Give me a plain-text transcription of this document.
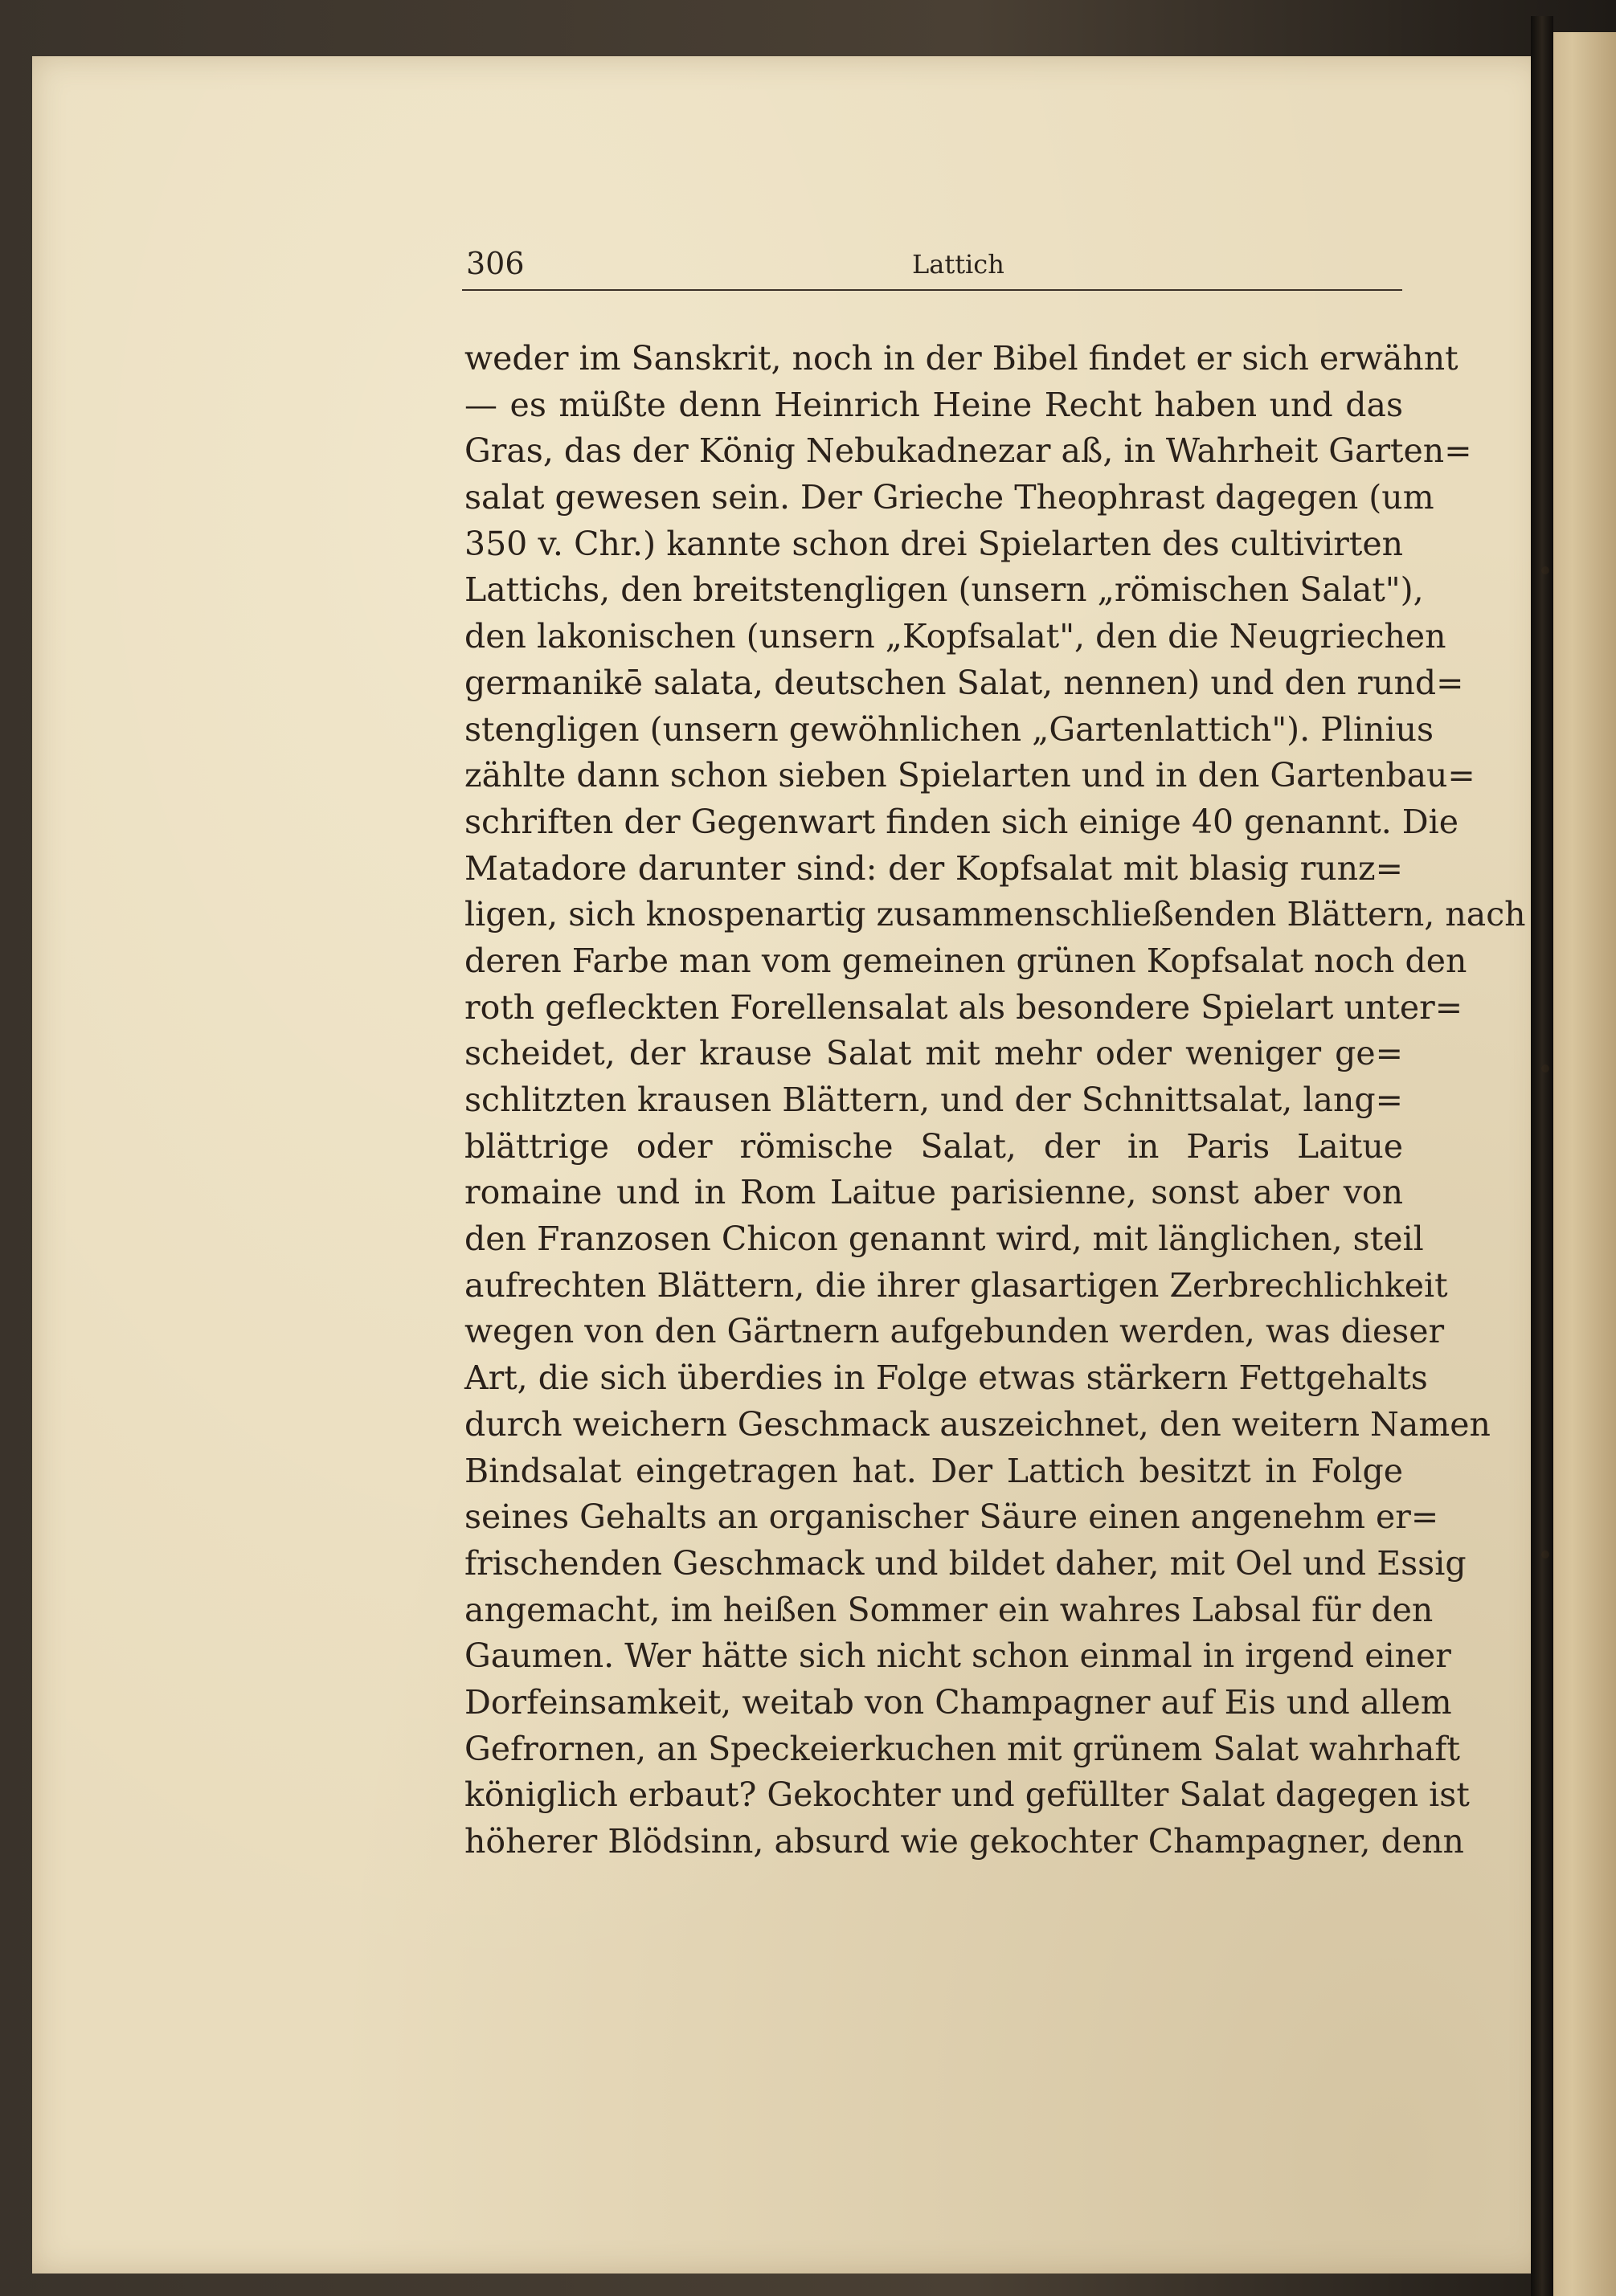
306	Lattich
weder im Sanskrit, noch in der Bibel findet er sich erwähnt
— es müßte denn Heinrich Heine Recht haben und das
Gras, das der König Nebukadnezar aß, in Wahrheit Garten=
salat gewesen sein. Der Grieche Theophrast dagegen (um
350 v. Chr.) kannte schon drei Spielarten des cultivirten
Lattichs, den breitstengligen (unsern „römischen Salat"),
den lakonischen (unsern „Kopfsalat", den die Neugriechen
germanikē salata, deutschen Salat, nennen) und den rund=
stengligen (unsern gewöhnlichen „Gartenlattich"). Plinius
zählte dann schon sieben Spielarten und in den Gartenbau=
schriften der Gegenwart finden sich einige 40 genannt. Die
Matadore darunter sind: der Kopfsalat mit blasig runz=
ligen, sich knospenartig zusammenschließenden Blättern, nach
deren Farbe man vom gemeinen grünen Kopfsalat noch den
roth gefleckten Forellensalat als besondere Spielart unter=
scheidet, der krause Salat mit mehr oder weniger ge=
schlitzten krausen Blättern, und der Schnittsalat, lang=
blättrige oder römische Salat, der in Paris Laitue
romaine und in Rom Laitue parisienne, sonst aber von
den Franzosen Chicon genannt wird, mit länglichen, steil
aufrechten Blättern, die ihrer glasartigen Zerbrechlichkeit
wegen von den Gärtnern aufgebunden werden, was dieser
Art, die sich überdies in Folge etwas stärkern Fettgehalts
durch weichern Geschmack auszeichnet, den weitern Namen
Bindsalat eingetragen hat. Der Lattich besitzt in Folge
seines Gehalts an organischer Säure einen angenehm er=
frischenden Geschmack und bildet daher, mit Oel und Essig
angemacht, im heißen Sommer ein wahres Labsal für den
Gaumen. Wer hätte sich nicht schon einmal in irgend einer
Dorfeinsamkeit, weitab von Champagner auf Eis und allem
Gefrornen, an Speckeierkuchen mit grünem Salat wahrhaft
königlich erbaut? Gekochter und gefüllter Salat dagegen ist
höherer Blödsinn, absurd wie gekochter Champagner, denn
